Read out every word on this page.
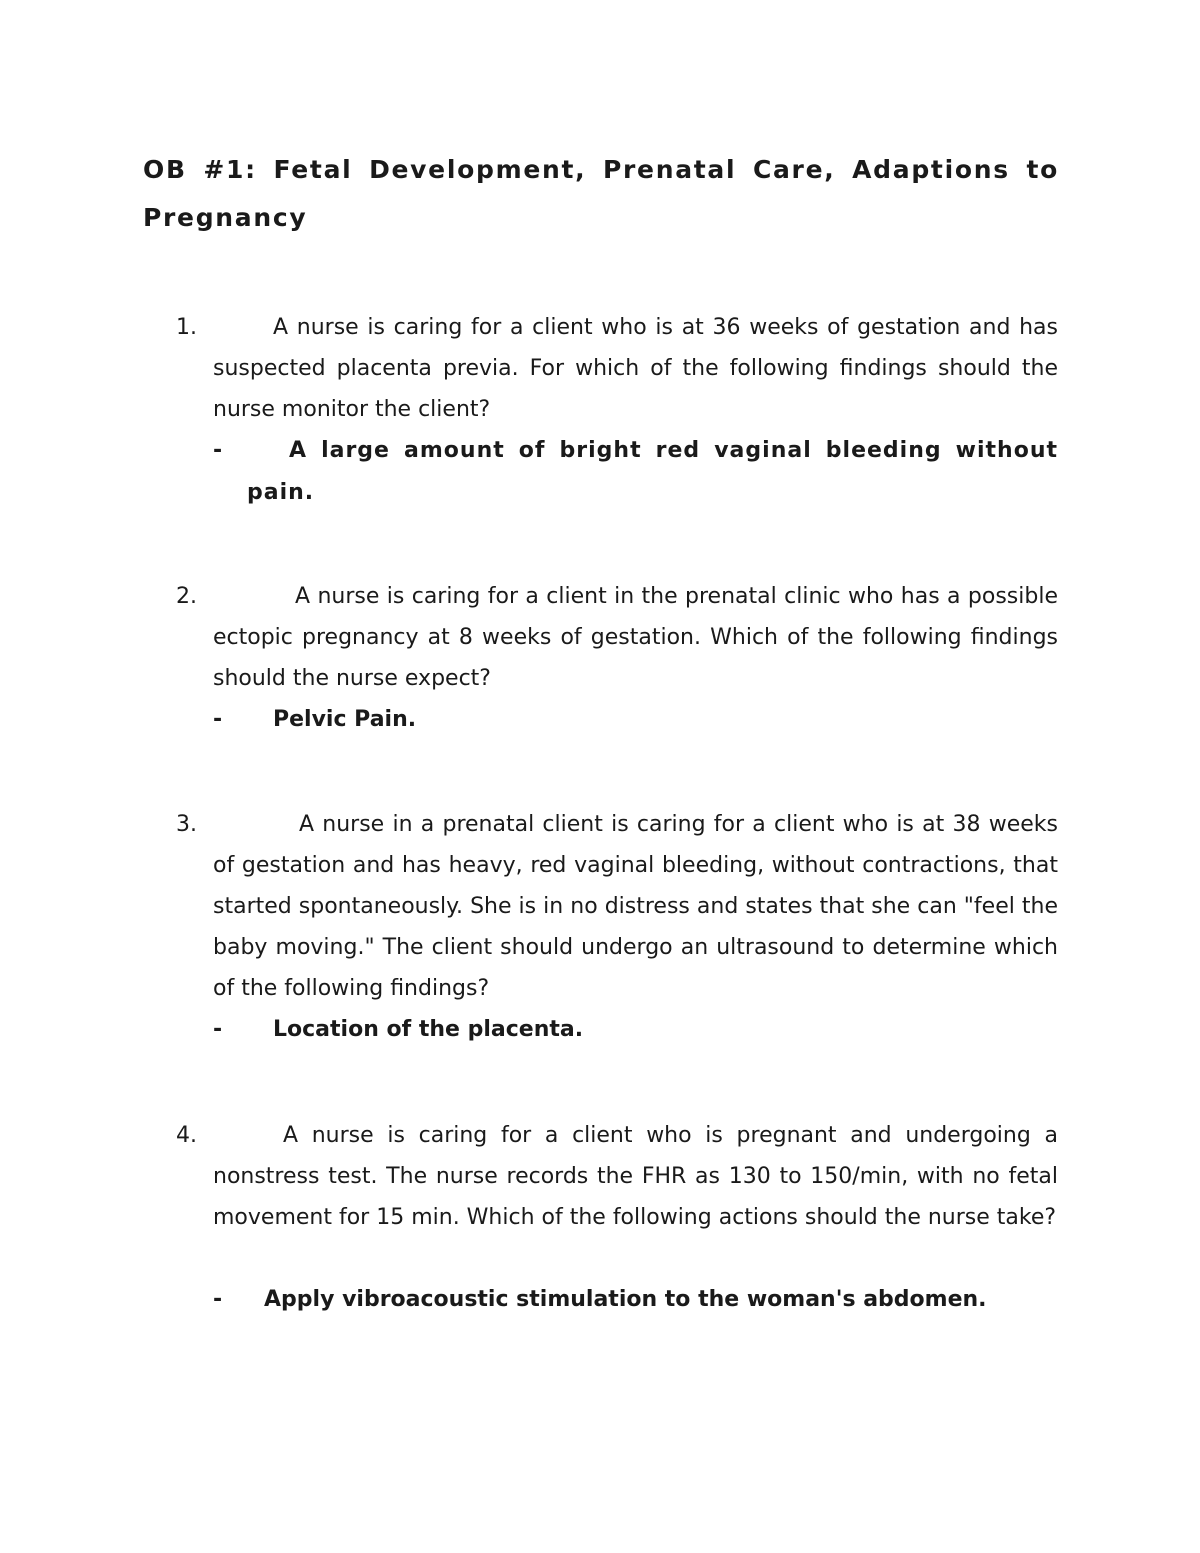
OB #1: Fetal Development, Prenatal Care, Adaptions to Pregnancy
1.	A nurse is caring for a client who is at 36 weeks of gestation and has suspected placenta previa. For which of the following findings should the nurse monitor the client?

-	A large amount of bright red vaginal bleeding without pain.
2.	A nurse is caring for a client in the prenatal clinic who has a possible ectopic pregnancy at 8 weeks of gestation. Which of the following findings should the nurse expect?

- Pelvic Pain.
3.	A nurse in a prenatal client is caring for a client who is at 38 weeks of gestation and has heavy, red vaginal bleeding, without contractions, that started spontaneously. She is in no distress and states that she can "feel the baby moving." The client should undergo an ultrasound to determine which of the following findings?

- Location of the placenta.
4.	A nurse is caring for a client who is pregnant and undergoing a nonstress test. The nurse records the FHR as 130 to 150/min, with no fetal movement for 15 min. Which of the following actions should the nurse take?

- Apply vibroacoustic stimulation to the woman's abdomen.
